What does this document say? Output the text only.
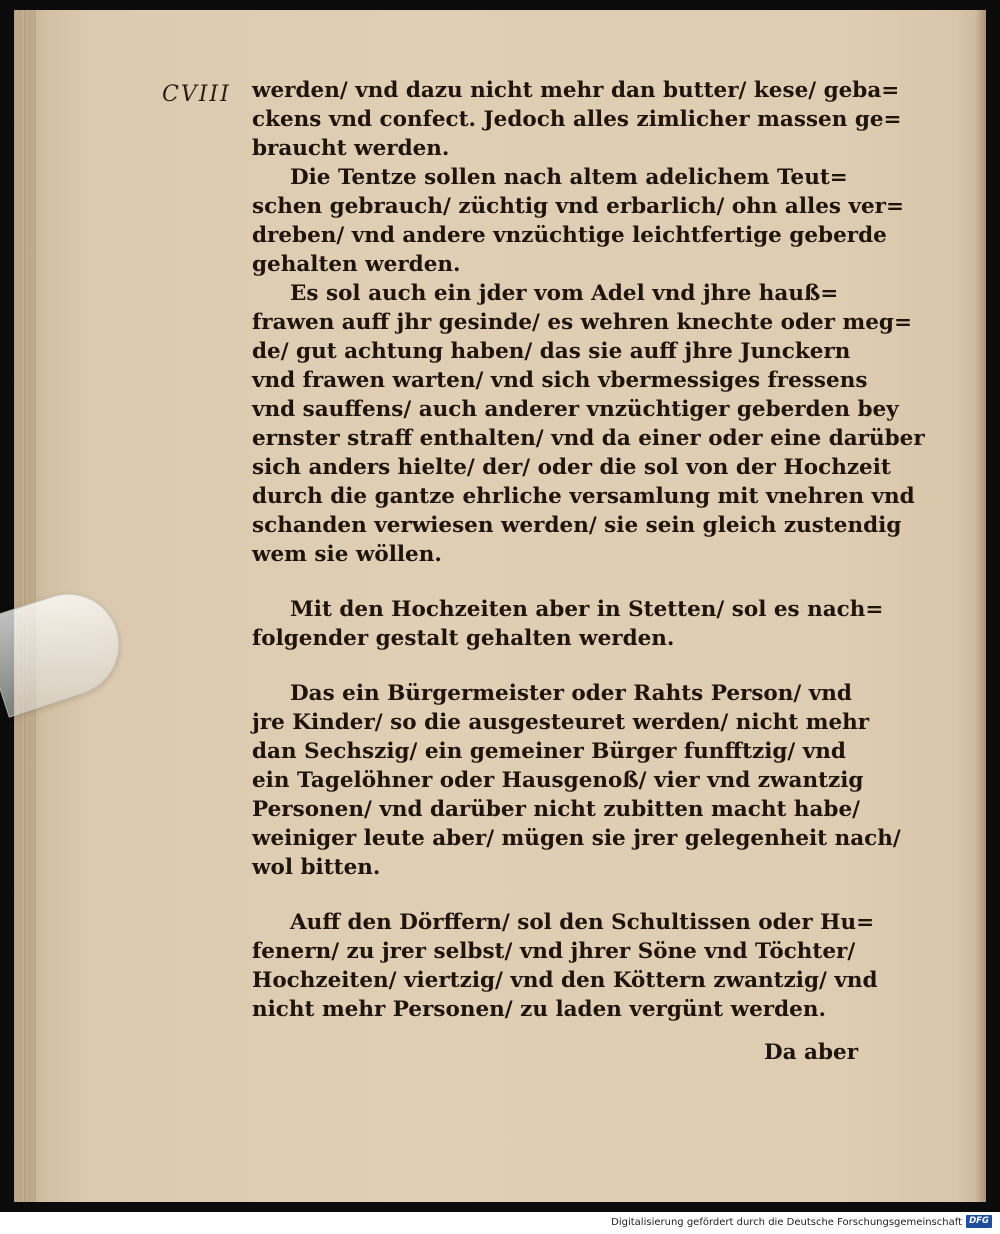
CVIII werden/ vnd dazu nicht mehr dan butter/ kese/ geba=
ckens vnd confect. Jedoch alles zimlicher massen ge=
braucht werden.
Die Tentze sollen nach altem adelichem Teut=
schen gebrauch/ züchtig vnd erbarlich/ ohn alles ver=
dreben/ vnd andere vnzüchtige leichtfertige geberde
gehalten werden.
Es sol auch ein jder vom Adel vnd jhre hauß=
frawen auff jhr gesinde/ es wehren knechte oder meg=
de/ gut achtung haben/ das sie auff jhre Junckern
vnd frawen warten/ vnd sich vbermessiges fressens
vnd sauffens/ auch anderer vnzüchtiger geberden bey
ernster straff enthalten/ vnd da einer oder eine darüber
sich anders hielte/ der/ oder die sol von der Hochzeit
durch die gantze ehrliche versamlung mit vnehren vnd
schanden verwiesen werden/ sie sein gleich zustendig
wem sie wöllen.
Mit den Hochzeiten aber in Stetten/ sol es nach=
folgender gestalt gehalten werden.
Das ein Bürgermeister oder Rahts Person/ vnd
jre Kinder/ so die ausgesteuret werden/ nicht mehr
dan Sechszig/ ein gemeiner Bürger funfftzig/ vnd
ein Tagelöhner oder Hausgenoß/ vier vnd zwantzig
Personen/ vnd darüber nicht zubitten macht habe/
weiniger leute aber/ mügen sie jrer gelegenheit nach/
wol bitten.
Auff den Dörffern/ sol den Schultissen oder Hu=
fenern/ zu jrer selbst/ vnd jhrer Söne vnd Töchter/
Hochzeiten/ viertzig/ vnd den Köttern zwantzig/ vnd
nicht mehr Personen/ zu laden vergünt werden.
Da aber
Digitalisierung gefördert durch die Deutsche Forschungsgemeinschaft DFG
